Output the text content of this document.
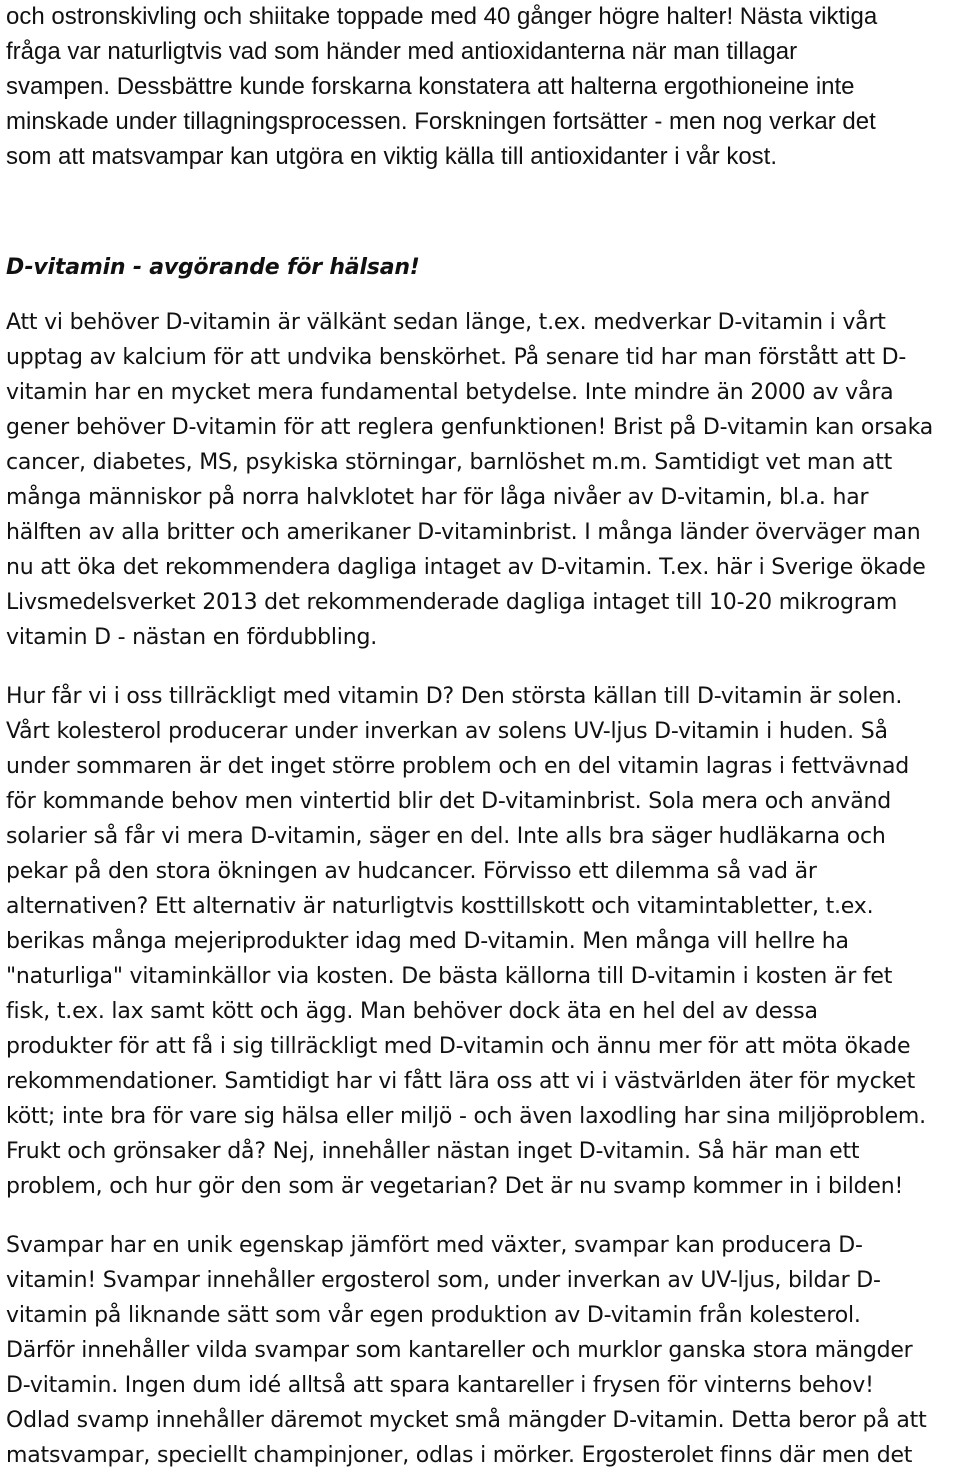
och ostronskivling och shiitake toppade med 40 gånger högre halter! Nästa viktiga
fråga var naturligtvis vad som händer med antioxidanterna när man tillagar
svampen. Dessbättre kunde forskarna konstatera att halterna ergothioneine inte
minskade under tillagningsprocessen. Forskningen fortsätter - men nog verkar det
som att matsvampar kan utgöra en viktig källa till antioxidanter i vår kost.
D-vitamin - avgörande för hälsan!
Att vi behöver D-vitamin är välkänt sedan länge, t.ex. medverkar D-vitamin i vårt
upptag av kalcium för att undvika benskörhet. På senare tid har man förstått att D-
vitamin har en mycket mera fundamental betydelse. Inte mindre än 2000 av våra
gener behöver D-vitamin för att reglera genfunktionen! Brist på D-vitamin kan orsaka
cancer, diabetes, MS, psykiska störningar, barnlöshet m.m. Samtidigt vet man att
många människor på norra halvklotet har för låga nivåer av D-vitamin, bl.a. har
hälften av alla britter och amerikaner D-vitaminbrist. I många länder överväger man
nu att öka det rekommendera dagliga intaget av D-vitamin. T.ex. här i Sverige ökade
Livsmedelsverket 2013 det rekommenderade dagliga intaget till 10-20 mikrogram
vitamin D - nästan en fördubbling.
Hur får vi i oss tillräckligt med vitamin D? Den största källan till D-vitamin är solen.
Vårt kolesterol producerar under inverkan av solens UV-ljus D-vitamin i huden. Så
under sommaren är det inget större problem och en del vitamin lagras i fettvävnad
för kommande behov men vintertid blir det D-vitaminbrist. Sola mera och använd
solarier så får vi mera D-vitamin, säger en del. Inte alls bra säger hudläkarna och
pekar på den stora ökningen av hudcancer. Förvisso ett dilemma så vad är
alternativen? Ett alternativ är naturligtvis kosttillskott och vitamintabletter, t.ex.
berikas många mejeriprodukter idag med D-vitamin. Men många vill hellre ha
"naturliga" vitaminkällor via kosten. De bästa källorna till D-vitamin i kosten är fet
fisk, t.ex. lax samt kött och ägg. Man behöver dock äta en hel del av dessa
produkter för att få i sig tillräckligt med D-vitamin och ännu mer för att möta ökade
rekommendationer. Samtidigt har vi fått lära oss att vi i västvärlden äter för mycket
kött; inte bra för vare sig hälsa eller miljö - och även laxodling har sina miljöproblem.
Frukt och grönsaker då? Nej, innehåller nästan inget D-vitamin. Så här man ett
problem, och hur gör den som är vegetarian? Det är nu svamp kommer in i bilden!
Svampar har en unik egenskap jämfört med växter, svampar kan producera D-
vitamin! Svampar innehåller ergosterol som, under inverkan av UV-ljus, bildar D-
vitamin på liknande sätt som vår egen produktion av D-vitamin från kolesterol.
Därför innehåller vilda svampar som kantareller och murklor ganska stora mängder
D-vitamin. Ingen dum idé alltså att spara kantareller i frysen för vinterns behov!
Odlad svamp innehåller däremot mycket små mängder D-vitamin. Detta beror på att
matsvampar, speciellt champinjoner, odlas i mörker. Ergosterolet finns där men det
